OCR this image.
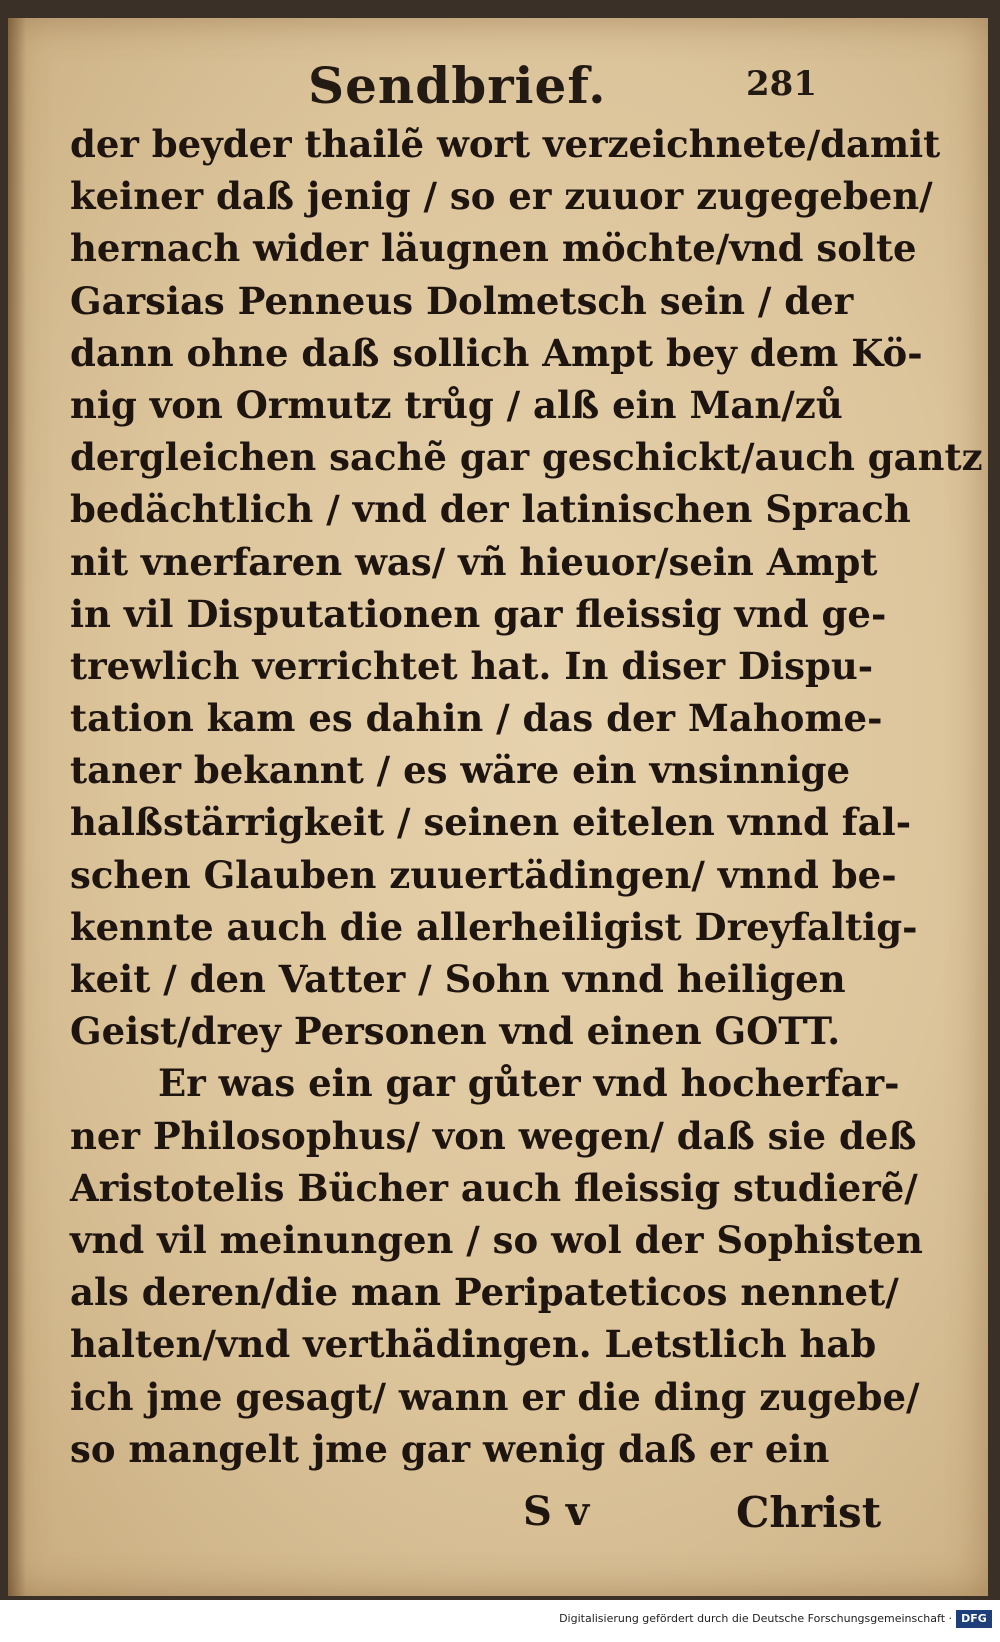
Sendbrief.	281
der beyder thailẽ wort verzeichnete/damit
keiner daß jenig / so er zuuor zugegeben/
hernach wider läugnen möchte/vnd solte
Garsias Penneus Dolmetsch sein / der
dann ohne daß sollich Ampt bey dem Kö-
nig von Ormutz trůg / alß ein Man/zů
dergleichen sachẽ gar geschickt/auch gantz
bedächtlich / vnd der latinischen Sprach
nit vnerfaren was/ vñ hieuor/sein Ampt
in vil Disputationen gar fleissig vnd ge-
trewlich verrichtet hat. In diser Dispu-
tation kam es dahin / das der Mahome-
taner bekannt / es wäre ein vnsinnige
halßstärrigkeit / seinen eitelen vnnd fal-
schen Glauben zuuertädingen/ vnnd be-
kennte auch die allerheiligist Dreyfaltig-
keit / den Vatter / Sohn vnnd heiligen
Geist/drey Personen vnd einen GOTT.
Er was ein gar gůter vnd hocherfar-
ner Philosophus/ von wegen/ daß sie deß
Aristotelis Bücher auch fleissig studierẽ/
vnd vil meinungen / so wol der Sophisten
als deren/die man Peripateticos nennet/
halten/vnd verthädingen. Letstlich hab
ich jme gesagt/ wann er die ding zugebe/
so mangelt jme gar wenig daß er ein
S v	Christ
Digitalisierung gefördert durch die Deutsche Forschungsgemeinschaft · DFG
